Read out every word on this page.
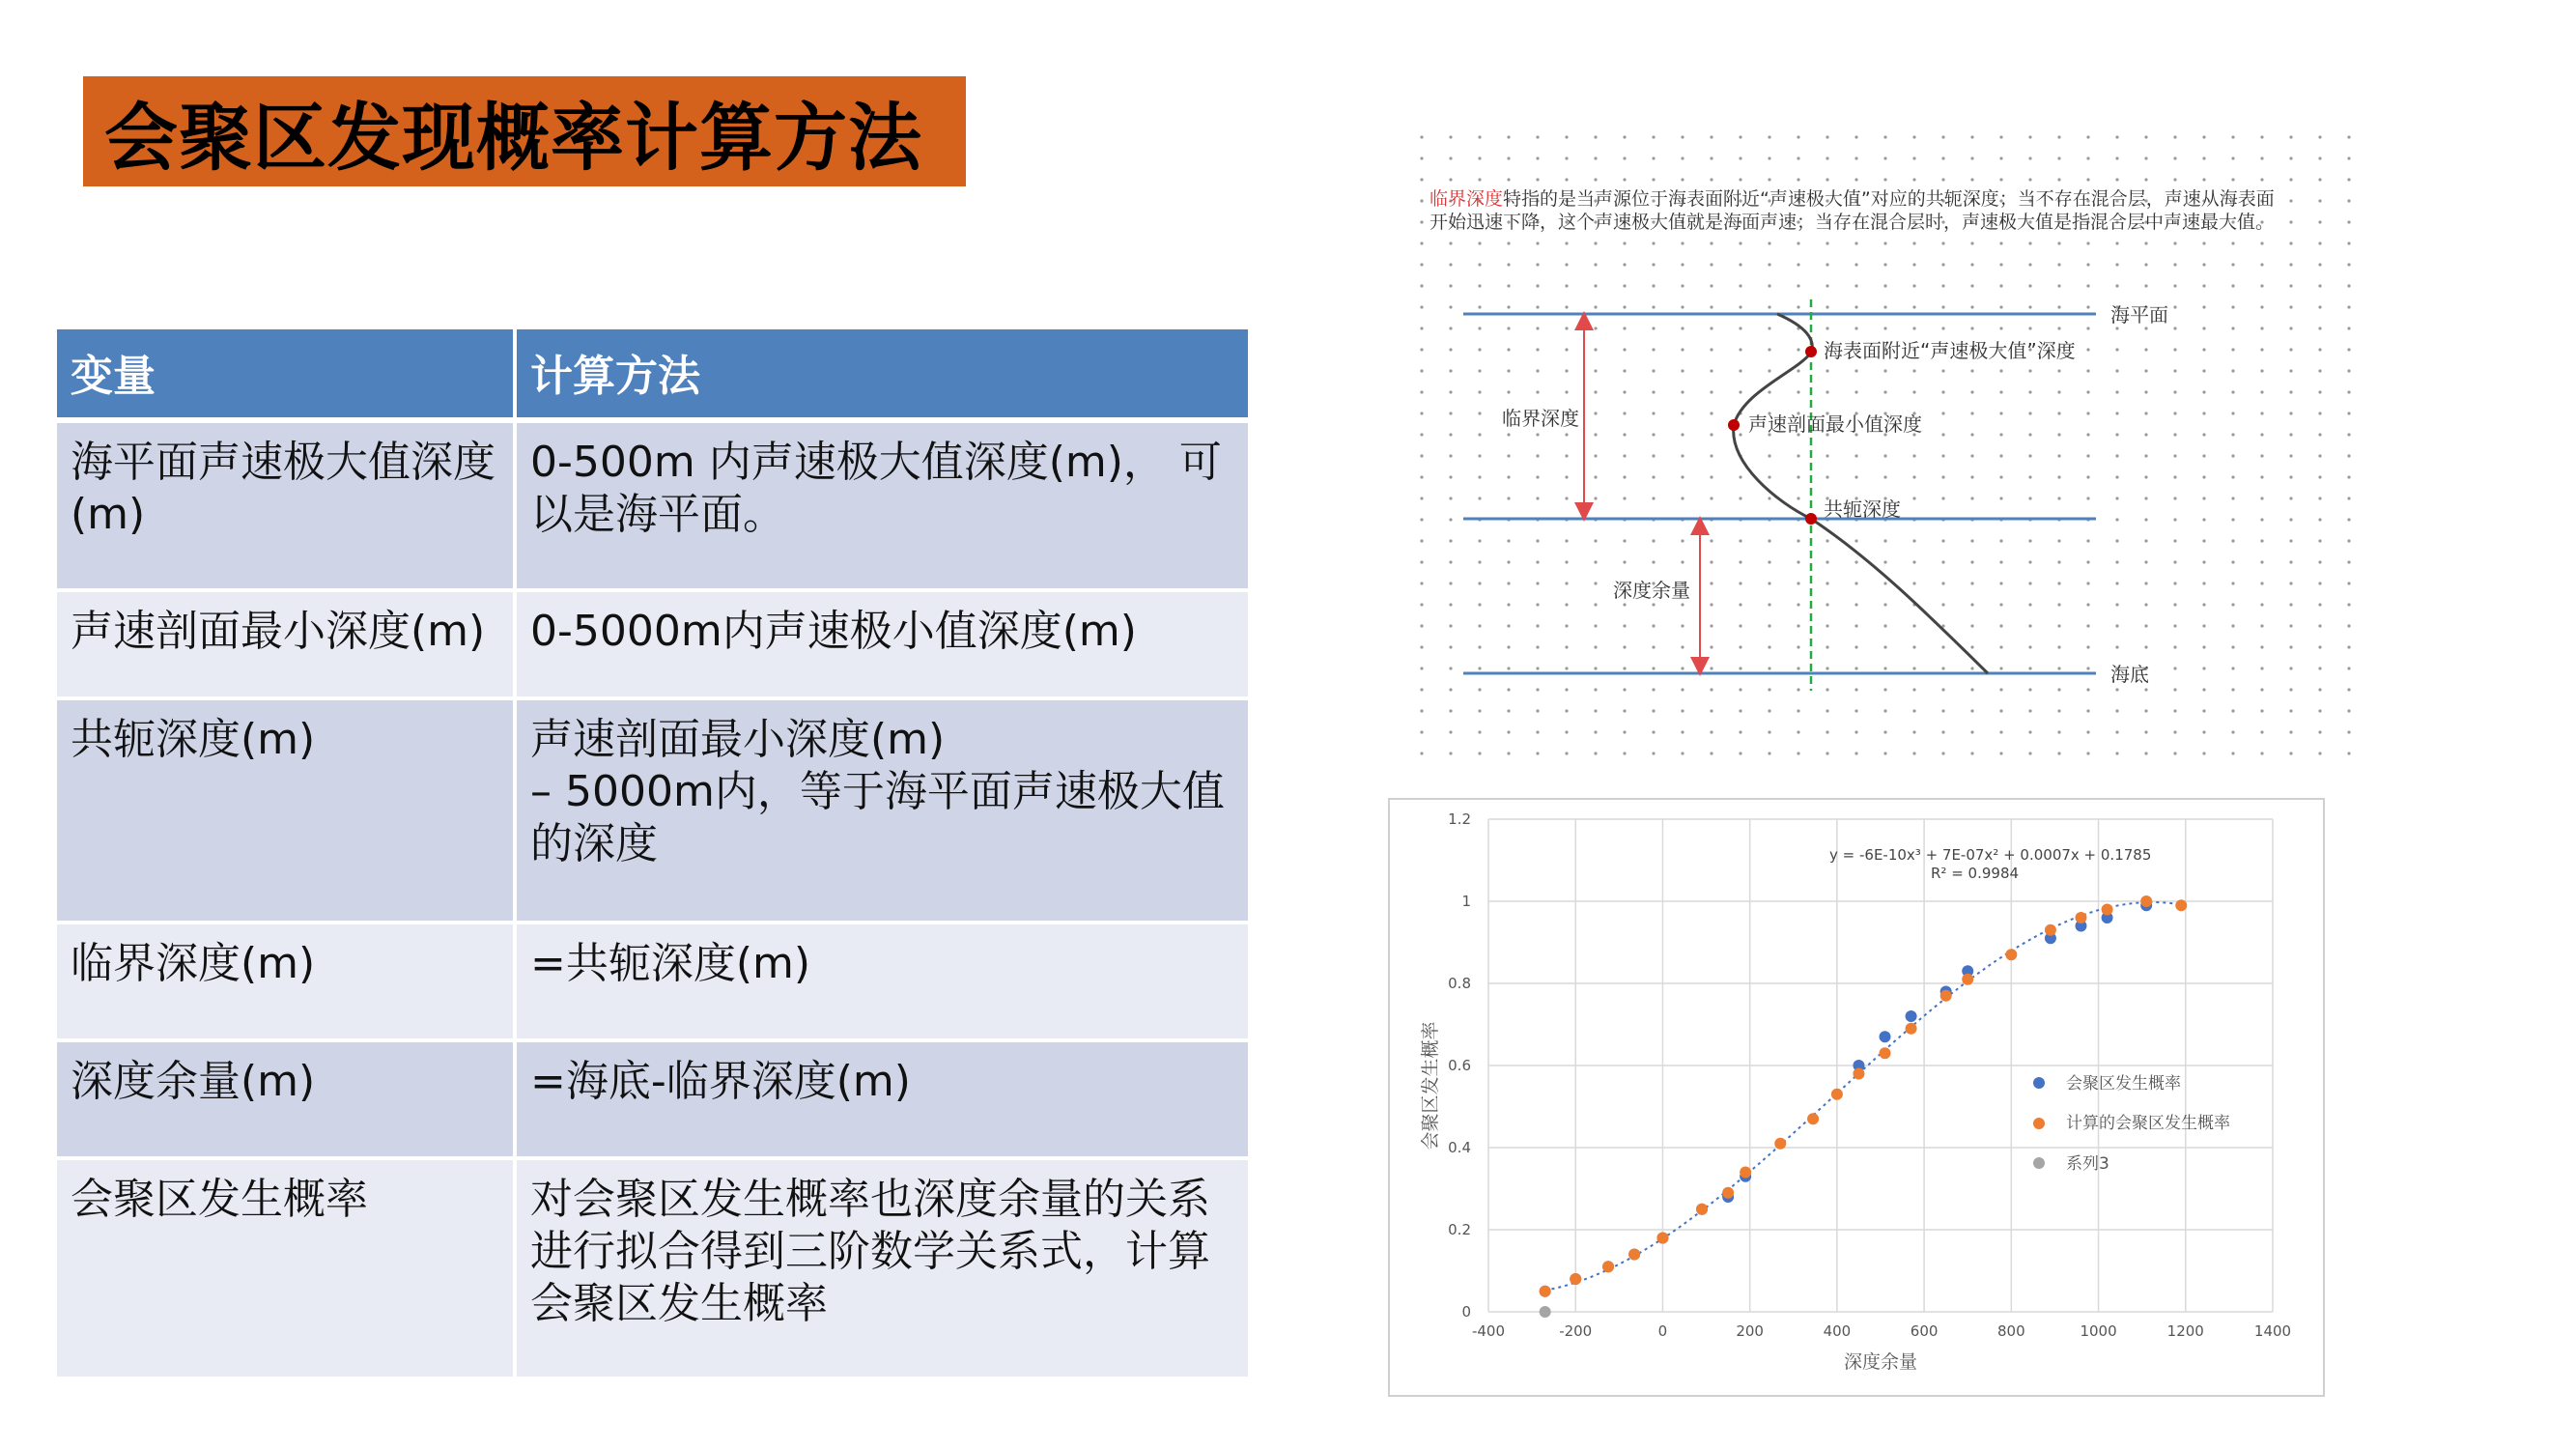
会聚区发现概率计算方法
变量	计算方法
海平面声速极大值深度(m)	0-500m 内声速极大值深度(m)， 可以是海平面。
声速剖面最小深度(m)	0-5000m内声速极小值深度(m)
共轭深度(m)	声速剖面最小深度(m)
– 5000m内，等于海平面声速极大值的深度
临界深度(m)	=共轭深度(m)
深度余量(m)	=海底-临界深度(m)
会聚区发生概率	对会聚区发生概率也深度余量的关系进行拟合得到三阶数学关系式，计算会聚区发生概率
临界深度特指的是当声源位于海表面附近“声速极大值”对应的共轭深度；当不存在混合层，声速从海表面
开始迅速下降，这个声速极大值就是海面声速；当存在混合层时，声速极大值是指混合层中声速最大值。
海平面
海表面附近“声速极大值”深度
临界深度	声速剖面最小值深度
共轭深度
深度余量
海底
-400	-200	0	200	400	600	800	1000	1200	1400
0
0.2
0.4
0.6
0.8
1
1.2
y = -6E-10x³ + 7E-07x² + 0.0007x + 0.1785
R² = 0.9984
深度余量
会聚区发生概率	会聚区发生概率
计算的会聚区发生概率
系列3
